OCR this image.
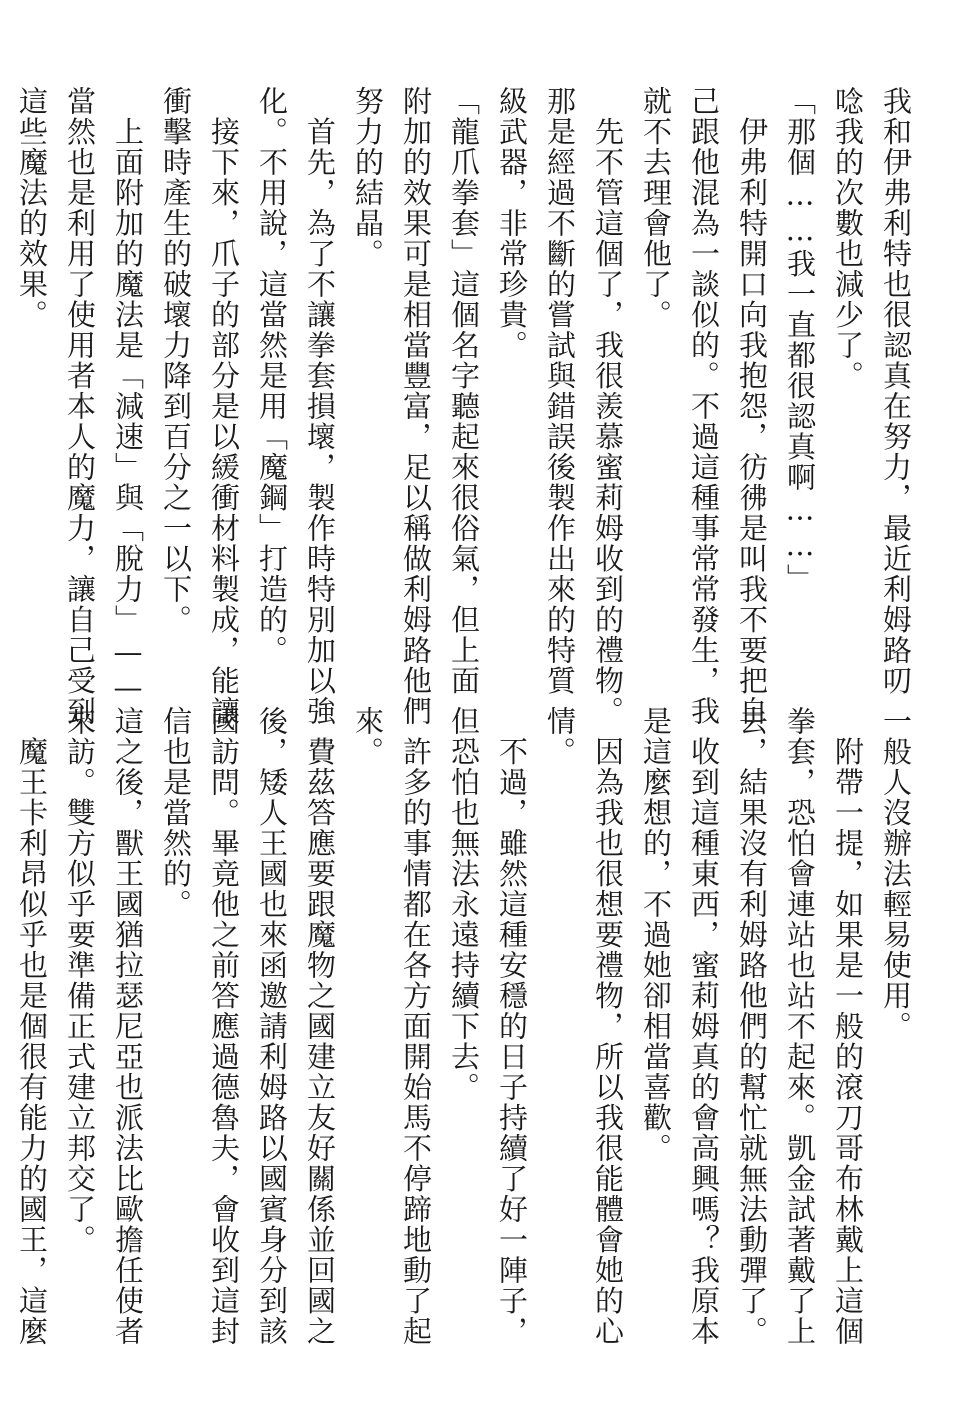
我和伊弗利特也很認真在努力，最近利姆路叨
唸我的次數也減少了。
「那個……我一直都很認真啊……」
　伊弗利特開口向我抱怨，彷彿是叫我不要把自
己跟他混為一談似的。不過這種事常常發生，我
就不去理會他了。
　先不管這個了，我很羨慕蜜莉姆收到的禮物。
那是經過不斷的嘗試與錯誤後製作出來的特質
級武器，非常珍貴。
「龍爪拳套」這個名字聽起來很俗氣，但上面
附加的效果可是相當豐富，足以稱做利姆路他們
努力的結晶。
　首先，為了不讓拳套損壞，製作時特別加以強
化。不用說，這當然是用「魔鋼」打造的。
　接下來，爪子的部分是以緩衝材料製成，能讓
衝擊時產生的破壞力降到百分之一以下。
　上面附加的魔法是「減速」與「脫力」——這
當然也是利用了使用者本人的魔力，讓自己受到
這些魔法的效果。
一般人沒辦法輕易使用。
　附帶一提，如果是一般的滾刀哥布林戴上這個
拳套，恐怕會連站也站不起來。凱金試著戴了上
去，結果沒有利姆路他們的幫忙就無法動彈了。
　收到這種東西，蜜莉姆真的會高興嗎？我原本
是這麼想的，不過她卻相當喜歡。
　因為我也很想要禮物，所以我很能體會她的心
情。
　不過，雖然這種安穩的日子持續了好一陣子，
但恐怕也無法永遠持續下去。
　許多的事情都在各方面開始馬不停蹄地動了起
來。
　費茲答應要跟魔物之國建立友好關係並回國之
後，矮人王國也來函邀請利姆路以國賓身分到該
國訪問。畢竟他之前答應過德魯夫，會收到這封
信也是當然的。
　之後，獸王國猶拉瑟尼亞也派法比歐擔任使者
來訪。雙方似乎要準備正式建立邦交了。
　魔王卡利昂似乎也是個很有能力的國王，這麼
